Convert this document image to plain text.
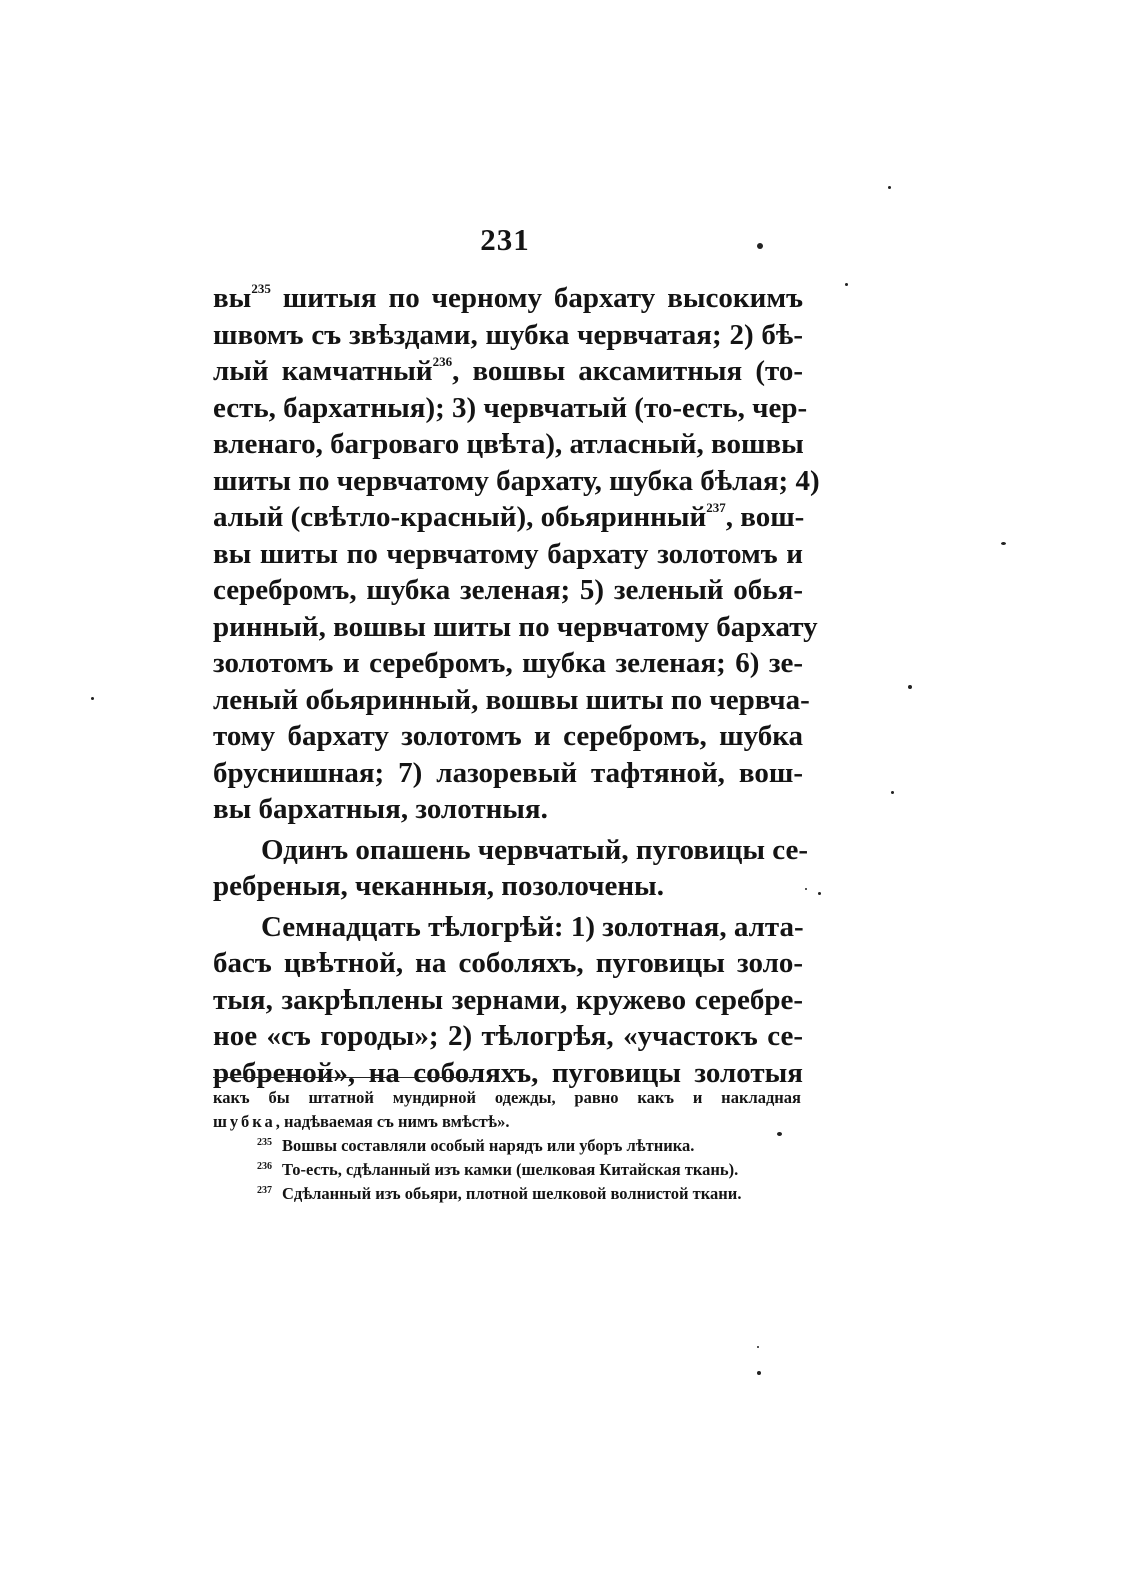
231
вы$^{235}$ шитыя по черному бархату высокимъ
швомъ съ звѣздами, шубка червчатая; 2) бѣ-
лый камчатный$^{236}$, вошвы аксамитныя (то-
есть, бархатныя); 3) червчатый (то-есть, чер-
вленаго, багроваго цвѣта), атласный, вошвы
шиты по червчатому бархату, шубка бѣлая; 4)
алый (свѣтло-красный), обьяринный$^{237}$, вош-
вы шиты по червчатому бархату золотомъ и
серебромъ, шубка зеленая; 5) зеленый обья-
ринный, вошвы шиты по червчатому бархату
золотомъ и серебромъ, шубка зеленая; 6) зе-
леный обьяринный, вошвы шиты по червча-
тому бархату золотомъ и серебромъ, шубка
бруснишная; 7) лазоревый тафтяной, вош-
вы бархатныя, золотныя.
Одинъ опашень червчатый, пуговицы се-
ребреныя, чеканныя, позолочены.
Семнадцать тѣлогрѣй: 1) золотная, алта-
басъ цвѣтной, на соболяхъ, пуговицы золо-
тыя, закрѣплены зернами, кружево серебре-
ное «съ городы»; 2) тѣлогрѣя, «участокъ се-
ребреной», на соболяхъ, пуговицы золотыя
какъ бы штатной мундирной одежды, равно какъ и накладная
шубка, надѣваемая съ нимъ вмѣстѣ».
$^{235}$ Вошвы составляли особый нарядъ или уборъ лѣтника.
$^{236}$ То-есть, сдѣланный изъ камки (шелковая Китайская ткань).
$^{237}$ Сдѣланный изъ обьяри, плотной шелковой волнистой ткани.
